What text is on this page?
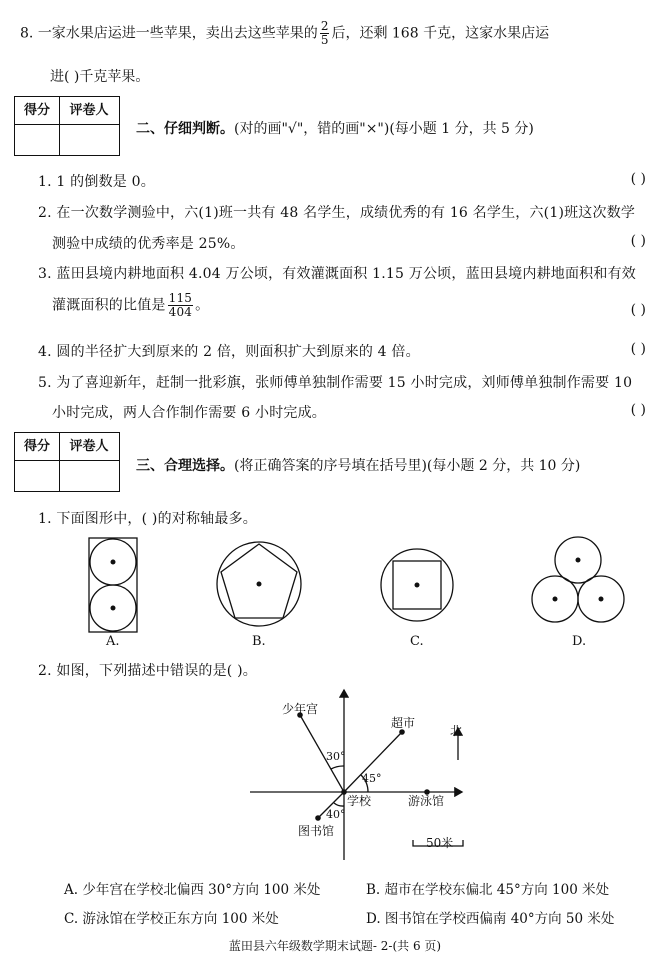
8. 一家水果店运进一些苹果，卖出去这些苹果的 $\frac{2}{5}$ 后，还剩 168 千克，这家水果店运
进( )千克苹果。
得分	评卷人
二、仔细判断。(对的画"√"，错的画"×")(每小题 1 分，共 5 分)
1. 1 的倒数是 0。	( )
2. 在一次数学测验中，六(1)班一共有 48 名学生，成绩优秀的有 16 名学生，六(1)班这次数学
测验中成绩的优秀率是 25%。	( )
3. 蓝田县境内耕地面积 4.04 万公顷，有效灌溉面积 1.15 万公顷，蓝田县境内耕地面积和有效
灌溉面积的比值是 $\frac{115}{404}$ 。	( )
4. 圆的半径扩大到原来的 2 倍，则面积扩大到原来的 4 倍。	( )
5. 为了喜迎新年，赶制一批彩旗，张师傅单独制作需要 15 小时完成，刘师傅单独制作需要 10
小时完成，两人合作制作需要 6 小时完成。	( )
得分	评卷人
三、合理选择。(将正确答案的序号填在括号里)(每小题 2 分，共 10 分)
1. 下面图形中，( )的对称轴最多。
A.	B.	C.	D.
2. 如图，下列描述中错误的是( )。
少年宫
超市
北
30°
45°
学校	游泳馆
40°
图书馆
50米
A. 少年宫在学校北偏西 30°方向 100 米处	B. 超市在学校东偏北 45°方向 100 米处
C. 游泳馆在学校正东方向 100 米处	D. 图书馆在学校西偏南 40°方向 50 米处
蓝田县六年级数学期末试题- 2-(共 6 页)
